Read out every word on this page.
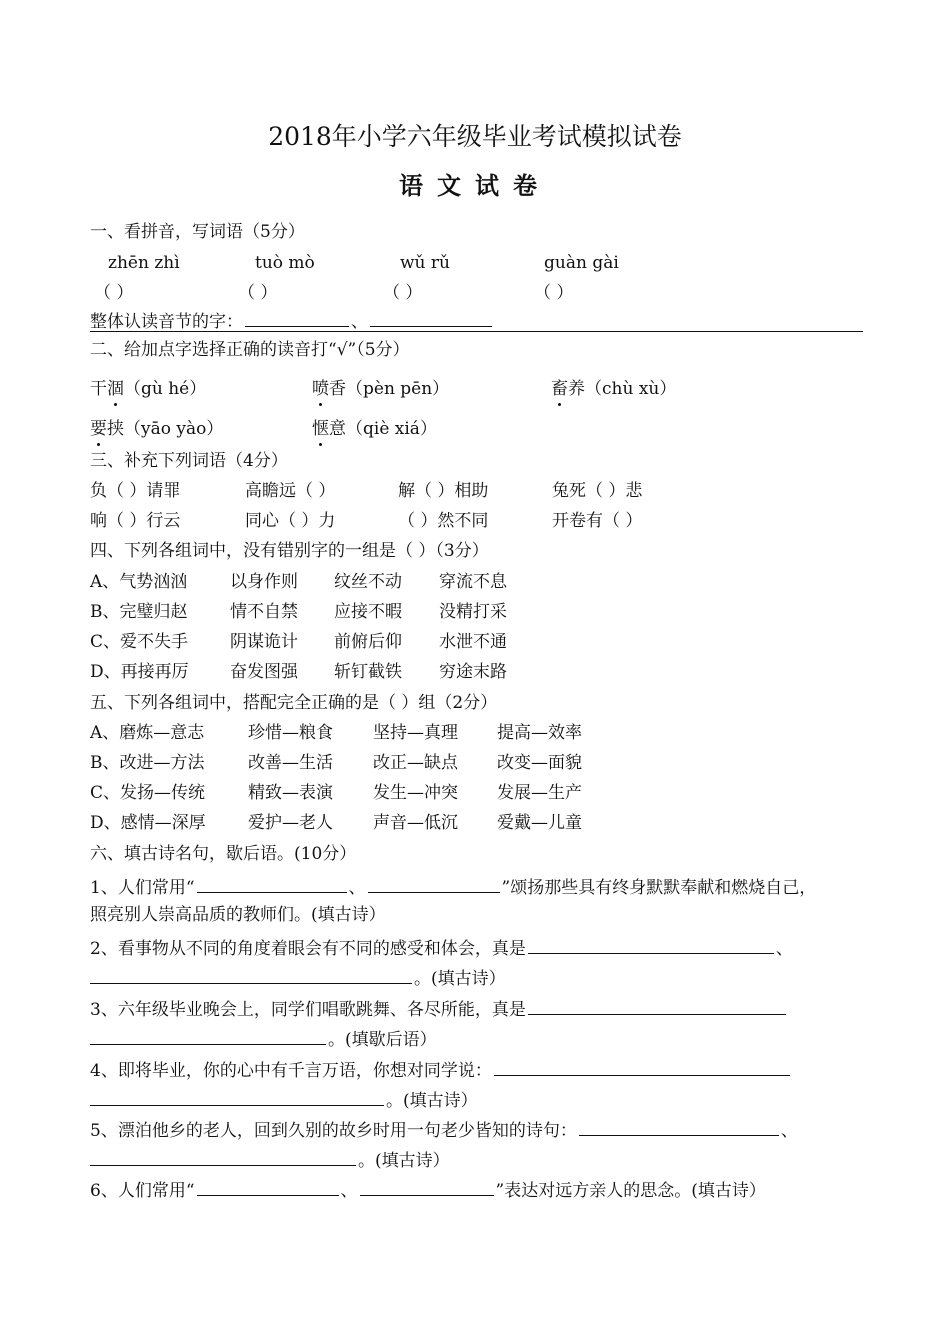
2018年小学六年级毕业考试模拟试卷
语文试卷
一、看拼音，写词语（5分）
zhēn zhì	tuò mò	wǔ rǔ	guàn gài
（ ）	（ ）	（ ）	（ ）
整体认读音节的字：	、
二、给加点字选择正确的读音打“√”（5分）
干涸（gù hé）	喷香（pèn pēn）	畜养（chù xù）
要挟（yāo yào）	惬意（qiè xiá）
三、补充下列词语（4分）
负（ ）请罪	高瞻远（ ）	解（ ）相助	兔死（ ）悲
响（ ）行云	同心（ ）力	（ ）然不同	开卷有（ ）
四、下列各组词中，没有错别字的一组是（ ）（3分）
A、气势汹汹	以身作则 纹丝不动 穿流不息
B、完璧归赵	情不自禁 应接不暇 没精打采
C、爱不失手 阴谋诡计 前俯后仰 水泄不通
D、再接再厉 奋发图强 斩钉截铁 穷途末路
五、下列各组词中，搭配完全正确的是（ ）组（2分）
A、磨炼—意志	珍惜—粮食 坚持—真理 提高—效率
B、改进—方法	改善—生活 改正—缺点 改变—面貌
C、发扬—传统	精致—表演 发生—冲突 发展—生产
D、感情—深厚 爱护—老人 声音—低沉 爱戴—儿童
六、填古诗名句，歇后语。(10分）
1、人们常用“	、	”颂扬那些具有终身默默奉献和燃烧自己，
照亮别人崇高品质的教师们。(填古诗）
2、看事物从不同的角度着眼会有不同的感受和体会，真是	、
。(填古诗）
3、六年级毕业晚会上，同学们唱歌跳舞、各尽所能，真是
。(填歇后语）
4、即将毕业，你的心中有千言万语，你想对同学说：
。(填古诗）
5、漂泊他乡的老人，回到久别的故乡时用一句老少皆知的诗句：	、
。(填古诗）
6、人们常用“	、	”表达对远方亲人的思念。(填古诗）
